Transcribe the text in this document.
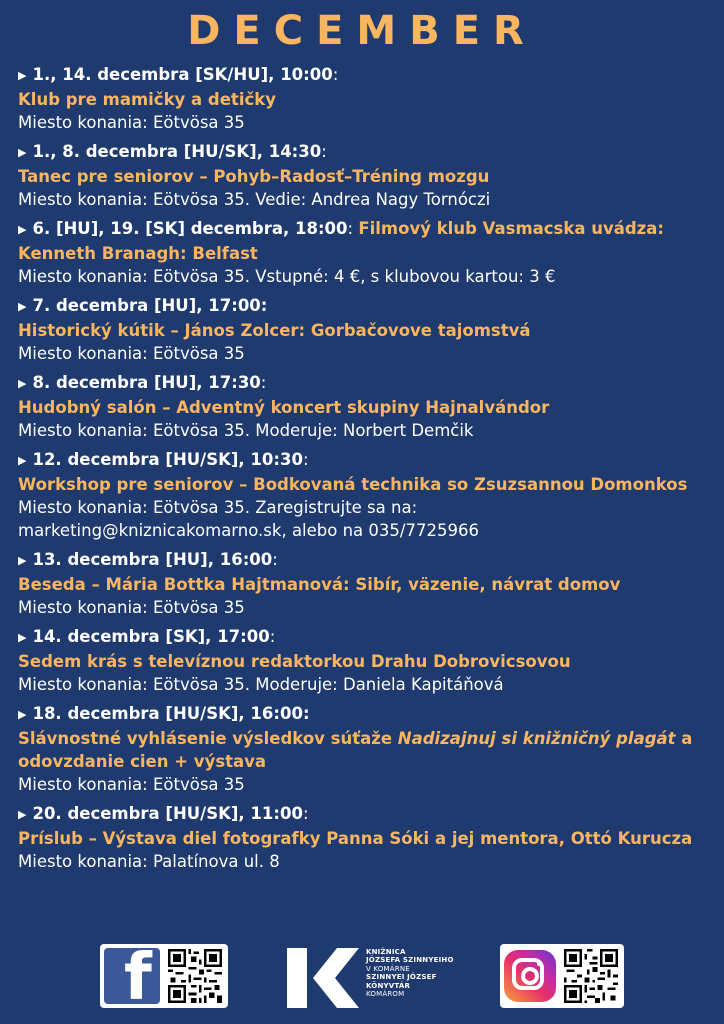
DECEMBER
▶ 1., 14. decembra [SK/HU], 10:00:
Klub pre mamičky a detičky
Miesto konania: Eötvösa 35
▶ 1., 8. decembra [HU/SK], 14:30:
Tanec pre seniorov – Pohyb–Radosť–Tréning mozgu
Miesto konania: Eötvösa 35. Vedie: Andrea Nagy Tornóczi
▶ 6. [HU], 19. [SK] decembra, 18:00: Filmový klub Vasmacska uvádza:
Kenneth Branagh: Belfast
Miesto konania: Eötvösa 35. Vstupné: 4 €, s klubovou kartou: 3 €
▶ 7. decembra [HU], 17:00:
Historický kútik – János Zolcer: Gorbačovove tajomstvá
Miesto konania: Eötvösa 35
▶ 8. decembra [HU], 17:30:
Hudobný salón – Adventný koncert skupiny Hajnalvándor
Miesto konania: Eötvösa 35. Moderuje: Norbert Demčik
▶ 12. decembra [HU/SK], 10:30:
Workshop pre seniorov – Bodkovaná technika so Zsuzsannou Domonkos
Miesto konania: Eötvösa 35. Zaregistrujte sa na:
marketing@kniznicakomarno.sk, alebo na 035/7725966
▶ 13. decembra [HU], 16:00:
Beseda – Mária Bottka Hajtmanová: Sibír, väzenie, návrat domov
Miesto konania: Eötvösa 35
▶ 14. decembra [SK], 17:00:
Sedem krás s televíznou redaktorkou Drahu Dobrovicsovou
Miesto konania: Eötvösa 35. Moderuje: Daniela Kapitáňová
▶ 18. decembra [HU/SK], 16:00:
Slávnostné vyhlásenie výsledkov súťaže Nadizajnuj si knižničný plagát a
odovzdanie cien + výstava
Miesto konania: Eötvösa 35
▶ 20. decembra [HU/SK], 11:00:
Príslub – Výstava diel fotografky Panna Sóki a jej mentora, Ottó Kurucza
Miesto konania: Palatínova ul. 8
f	KNIŽNICA
JÓZSEFA SZINNYEIHO
V KOMÁRNE
SZINNYEI JÓZSEF
KÖNYVTÁR
KOMÁROM
